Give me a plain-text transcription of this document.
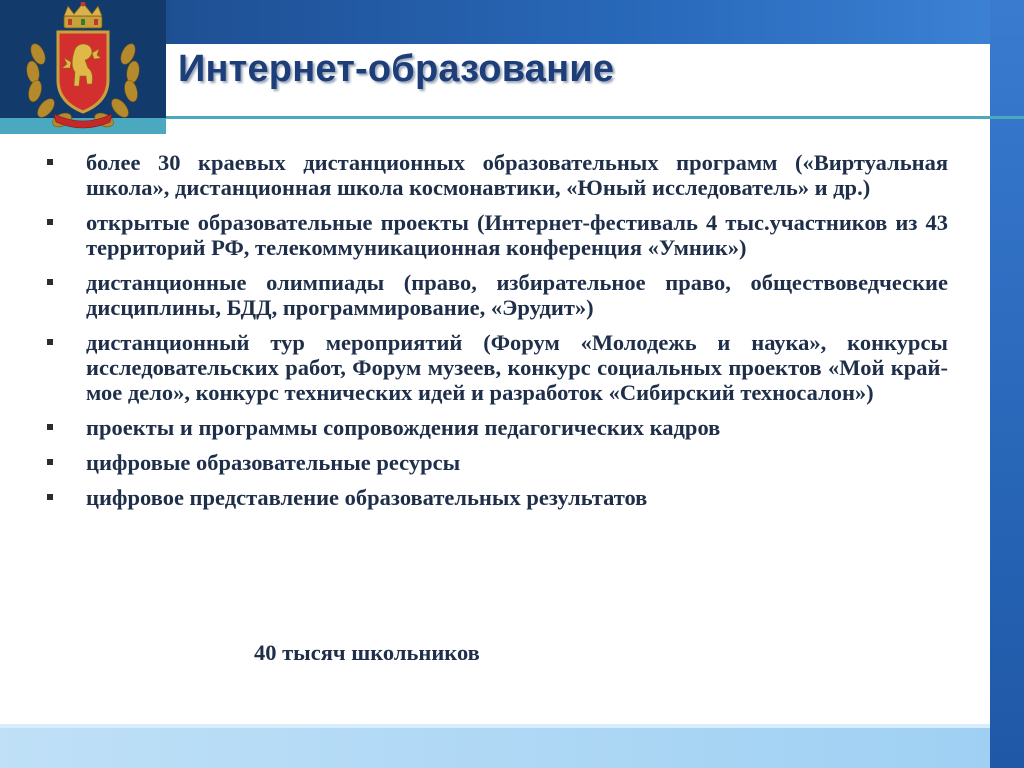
Интернет-образование
более 30 краевых дистанционных образовательных программ («Виртуальная школа», дистанционная школа космонавтики, «Юный исследователь» и др.)
открытые образовательные проекты (Интернет-фестиваль 4 тыс.участников из 43 территорий РФ, телекоммуникационная конференция «Умник»)
дистанционные олимпиады (право, избирательное право, обществоведческие дисциплины, БДД, программирование, «Эрудит»)
дистанционный тур мероприятий (Форум «Молодежь и наука», конкурсы исследовательских работ, Форум музеев, конкурс социальных проектов «Мой край-мое дело», конкурс технических идей и разработок «Сибирский техносалон»)
проекты и программы сопровождения педагогических кадров
цифровые образовательные ресурсы
цифровое представление образовательных результатов

40 тысяч школьников
